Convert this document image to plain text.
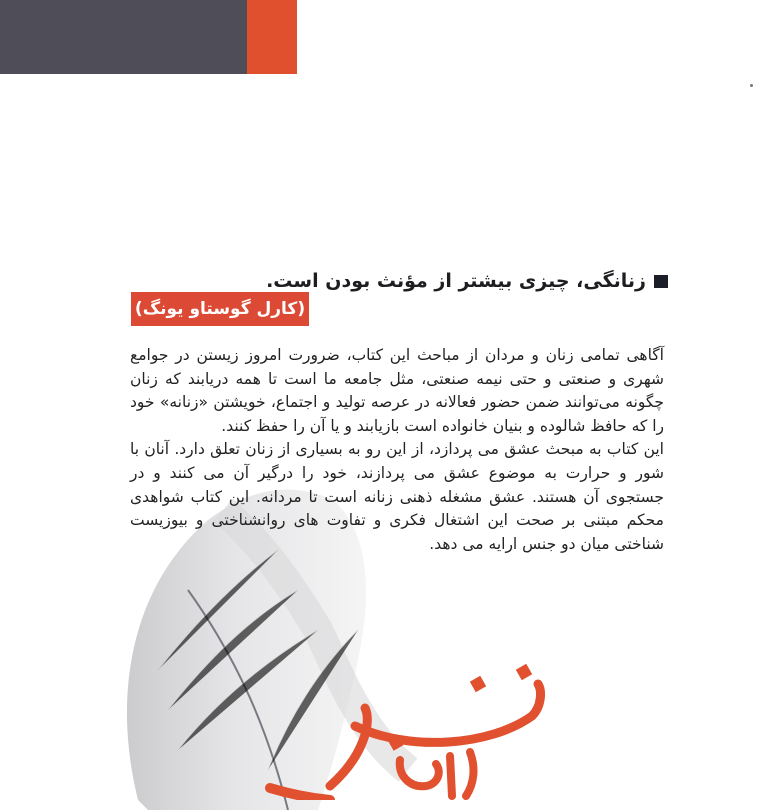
زنانگی، چیزی بیشتر از مؤنث بودن است.
(کارل گوستاو یونگ)

آگاهی تمامی زنان و مردان از مباحث این کتاب، ضرورت امروز زیستن در جوامع شهری و صنعتی و حتی نیمه صنعتی، مثل جامعه ما است تا همه دریابند که زنان چگونه می‌توانند ضمن حضور فعالانه در عرصه تولید و اجتماع، خویشتن «زنانه» خود را که حافظ شالوده و بنیان خانواده است بازیابند و یا آن را حفظ کنند.

این کتاب به مبحث عشق می پردازد، از این رو به بسیاری از زنان تعلق دارد. آنان با شور و حرارت به موضوع عشق می پردازند، خود را درگیر آن می کنند و در جستجوی آن هستند. عشق مشغله ذهنی زنانه است تا مردانه. این کتاب شواهدی محکم مبتنی بر صحت این اشتغال فکری و تفاوت های روانشناختی و بیوزیست شناختی میان دو جنس ارایه می دهد.
